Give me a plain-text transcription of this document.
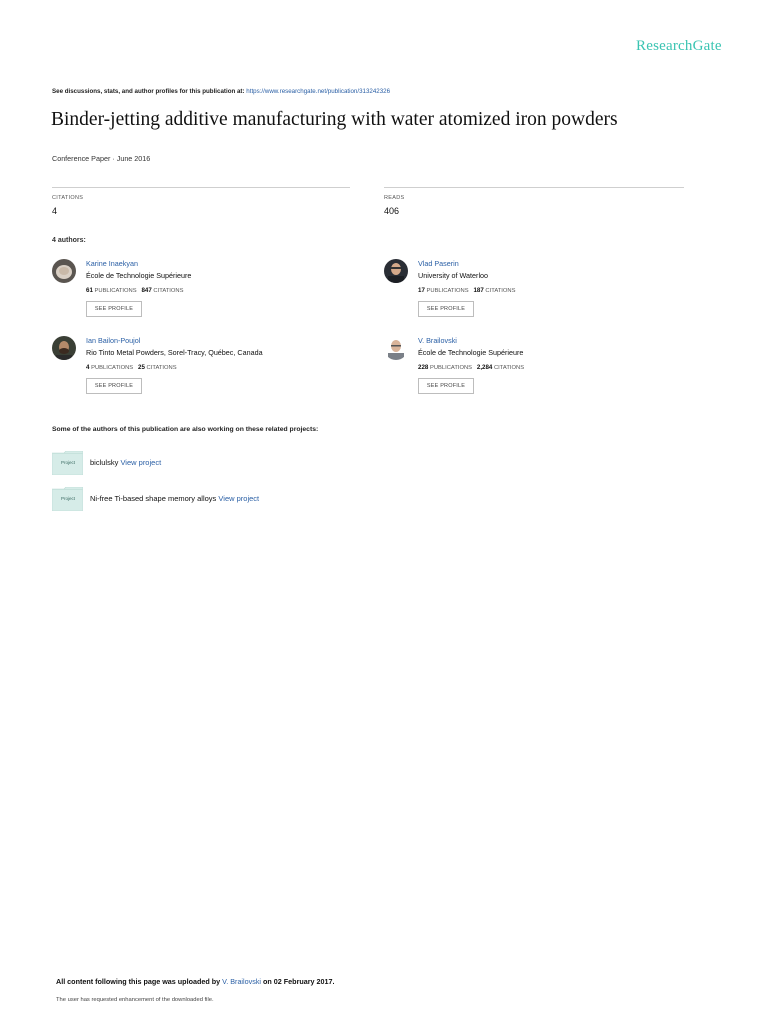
ResearchGate
See discussions, stats, and author profiles for this publication at: https://www.researchgate.net/publication/313242326
Binder-jetting additive manufacturing with water atomized iron powders
Conference Paper · June 2016
CITATIONS
4
READS
406
4 authors:
Karine Inaekyan
École de Technologie Supérieure
61 PUBLICATIONS 847 CITATIONS
SEE PROFILE
Vlad Paserin
University of Waterloo
17 PUBLICATIONS 187 CITATIONS
SEE PROFILE
Ian Bailon-Poujol
Rio Tinto Metal Powders, Sorel-Tracy, Québec, Canada
4 PUBLICATIONS 25 CITATIONS
SEE PROFILE
V. Brailovski
École de Technologie Supérieure
228 PUBLICATIONS 2,284 CITATIONS
SEE PROFILE
Some of the authors of this publication are also working on these related projects:
Project biclulsky View project
Project Ni-free Ti-based shape memory alloys View project
All content following this page was uploaded by V. Brailovski on 02 February 2017.
The user has requested enhancement of the downloaded file.
